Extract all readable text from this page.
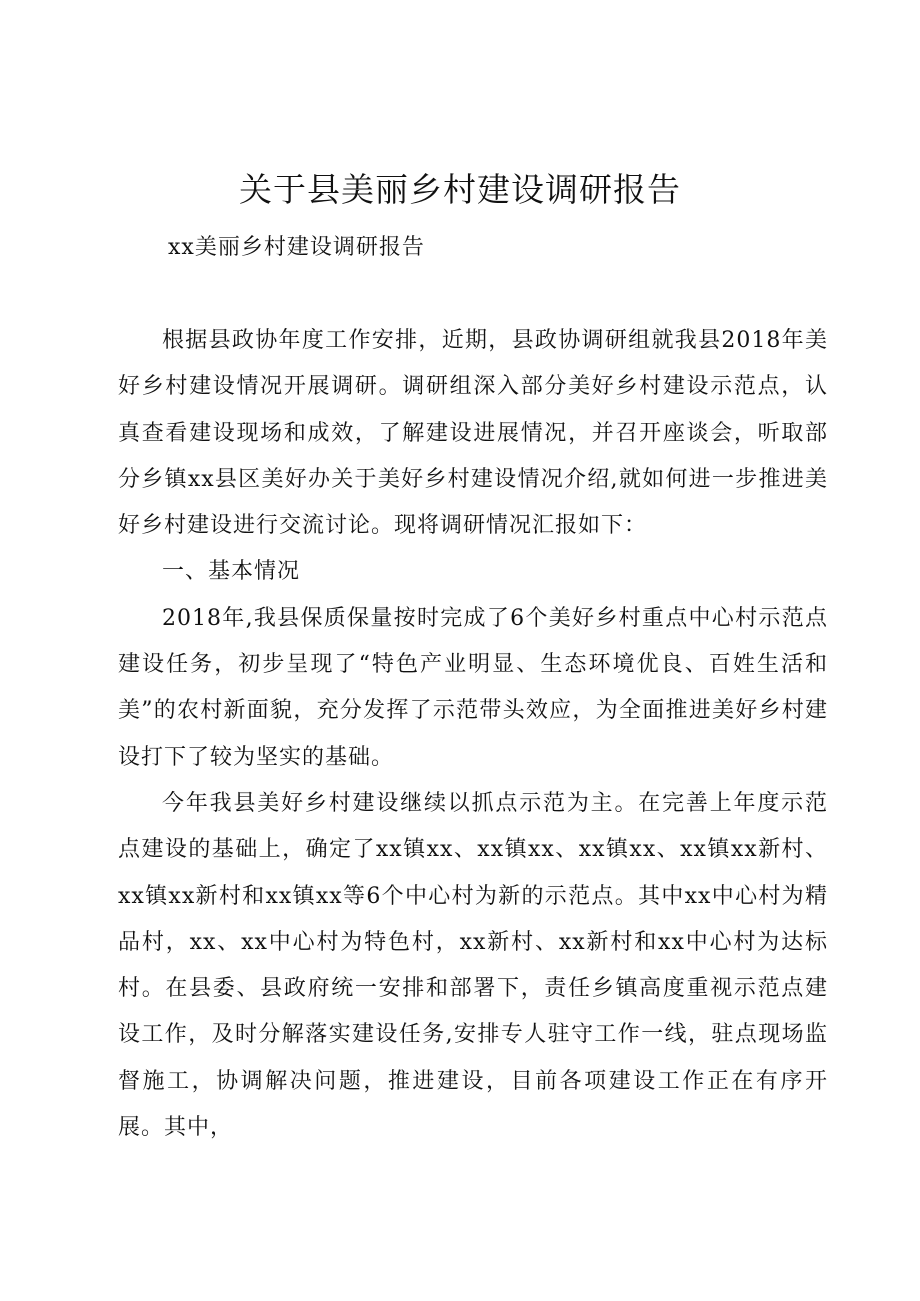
关于县美丽乡村建设调研报告
xx美丽乡村建设调研报告

根据县政协年度工作安排，近期，县政协调研组就我县2018年美好乡村建设情况开展调研。调研组深入部分美好乡村建设示范点，认真查看建设现场和成效，了解建设进展情况，并召开座谈会，听取部分乡镇xx县区美好办关于美好乡村建设情况介绍,就如何进一步推进美好乡村建设进行交流讨论。现将调研情况汇报如下：

一、基本情况

2018年,我县保质保量按时完成了6个美好乡村重点中心村示范点建设任务，初步呈现了“特色产业明显、生态环境优良、百姓生活和美”的农村新面貌，充分发挥了示范带头效应，为全面推进美好乡村建设打下了较为坚实的基础。

今年我县美好乡村建设继续以抓点示范为主。在完善上年度示范点建设的基础上，确定了xx镇xx、xx镇xx、xx镇xx、xx镇xx新村、xx镇xx新村和xx镇xx等6个中心村为新的示范点。其中xx中心村为精品村，xx、xx中心村为特色村，xx新村、xx新村和xx中心村为达标村。在县委、县政府统一安排和部署下，责任乡镇高度重视示范点建设工作，及时分解落实建设任务,安排专人驻守工作一线，驻点现场监督施工，协调解决问题，推进建设，目前各项建设工作正在有序开展。其中，
